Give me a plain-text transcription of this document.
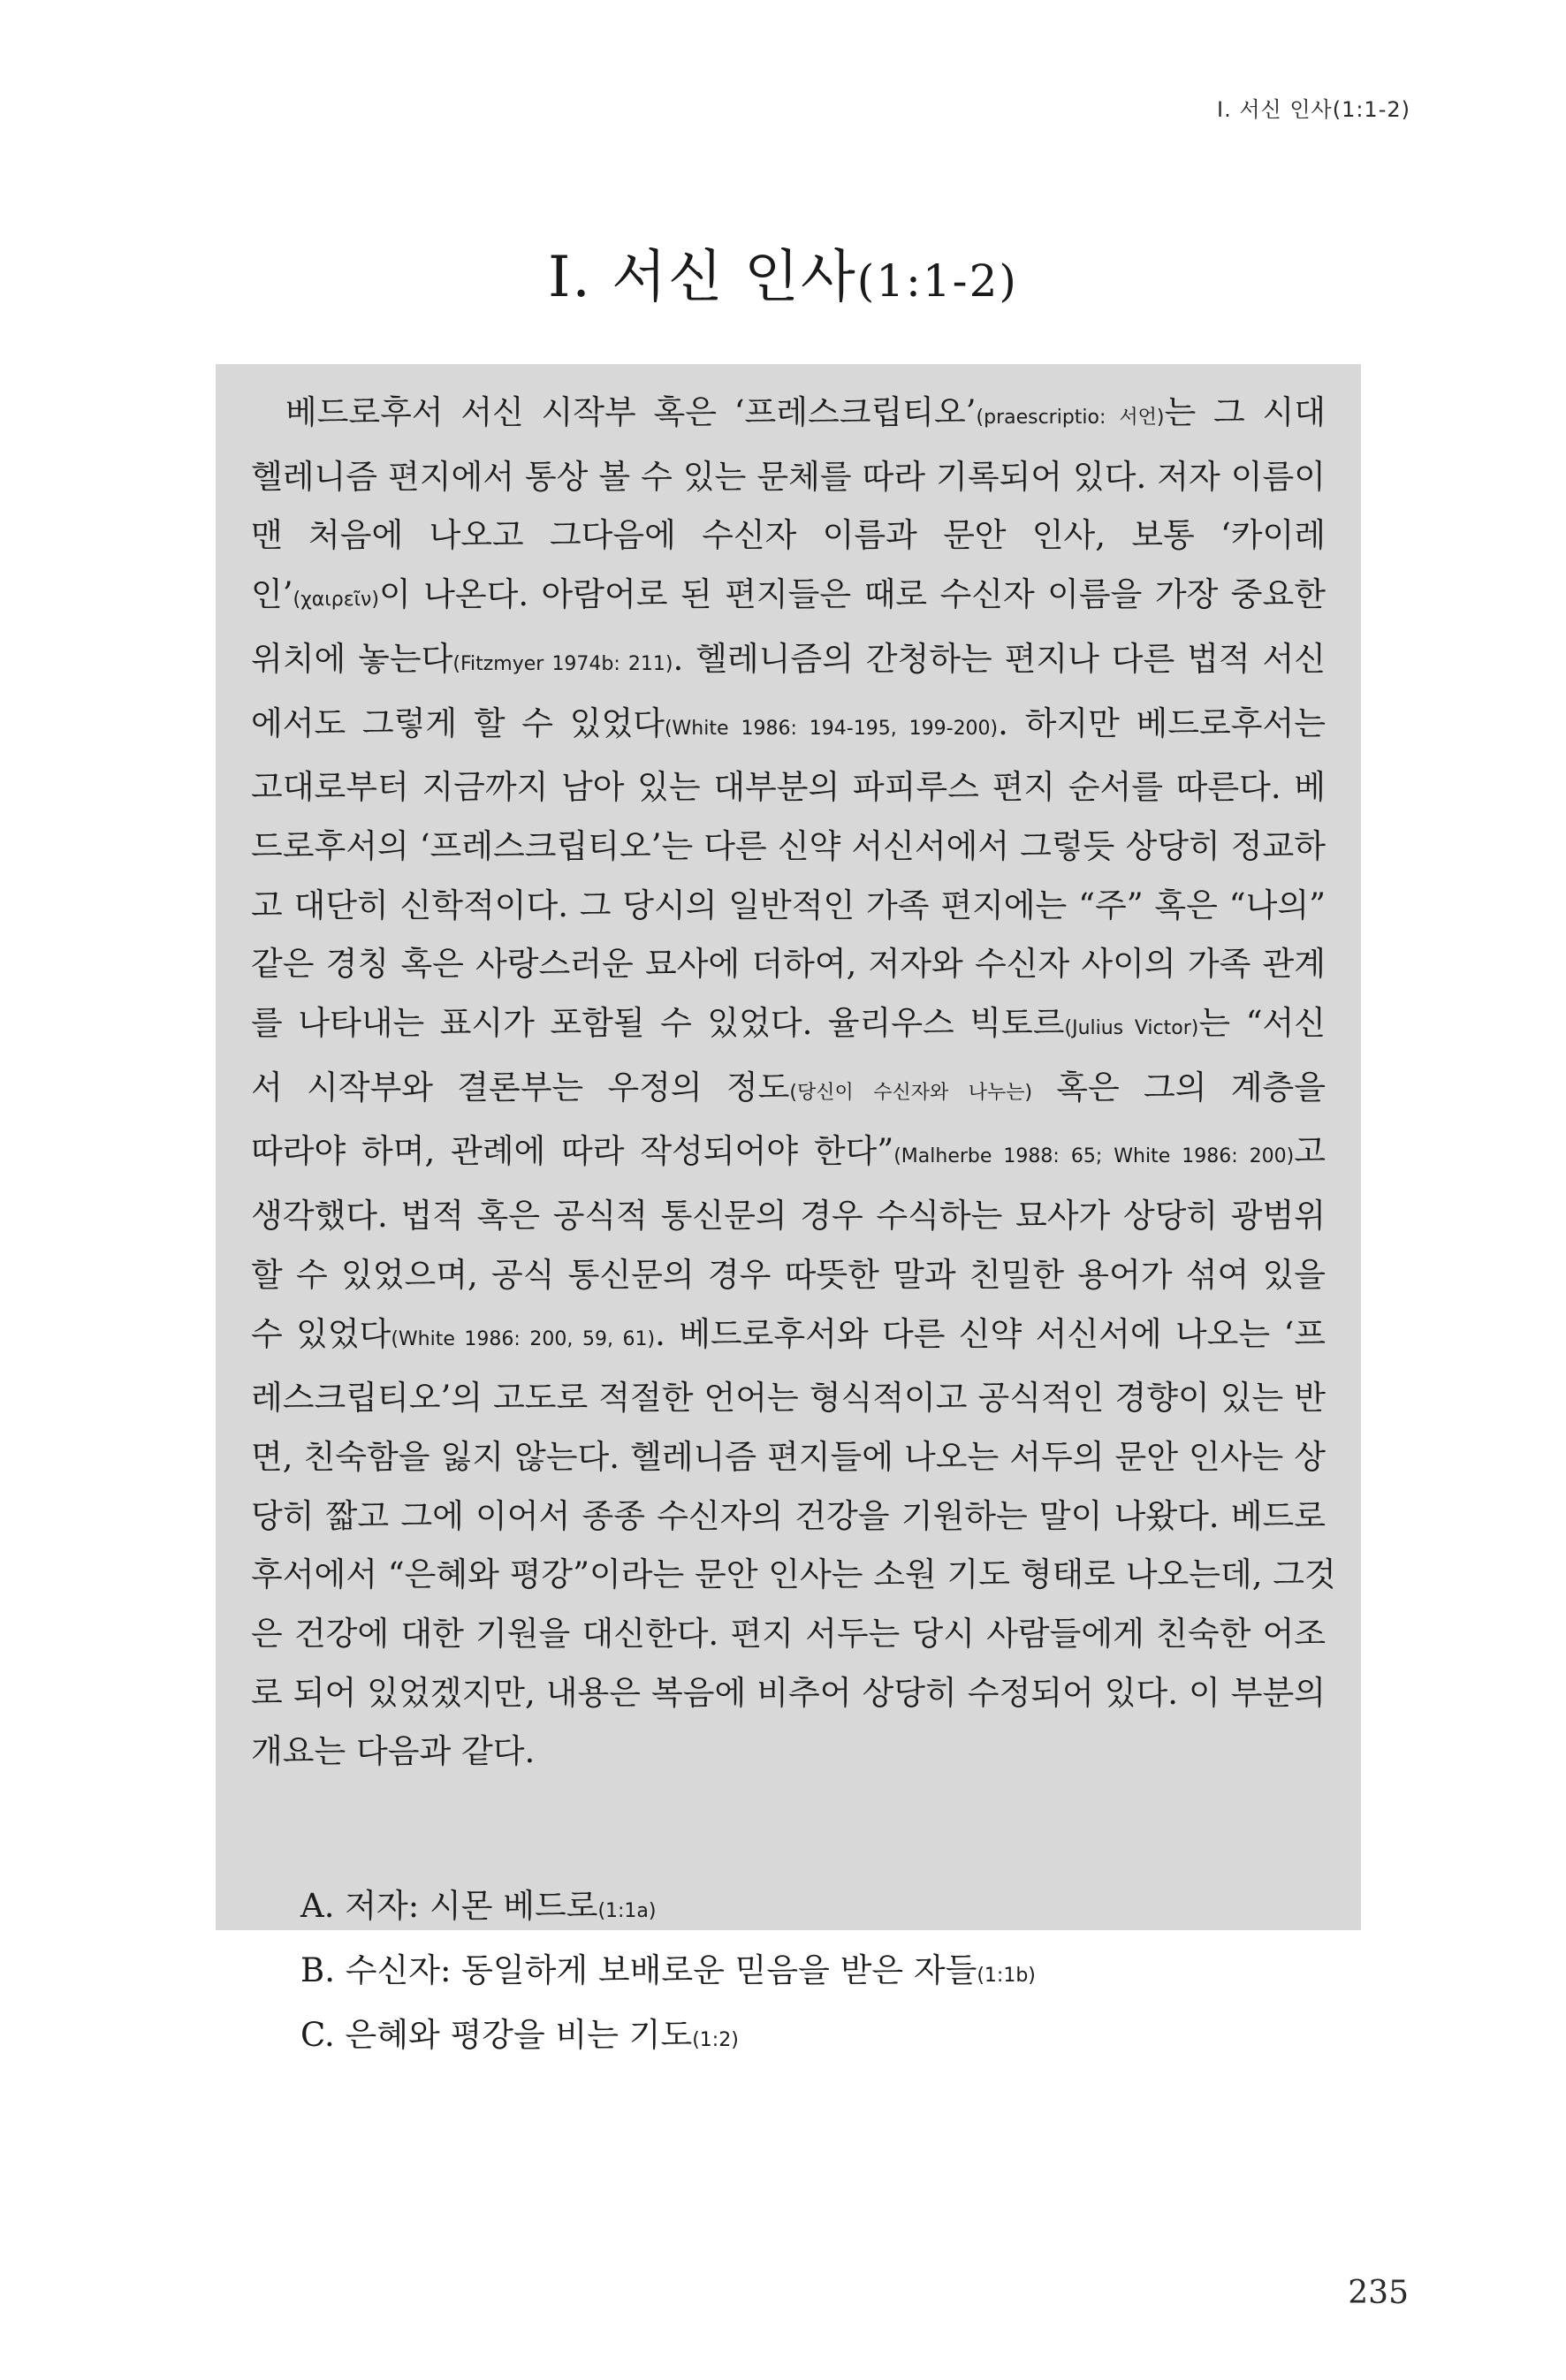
I. 서신 인사(1:1-2)
I. 서신 인사(1:1-2)

베드로후서 서신 시작부 혹은 ‘프레스크립티오’(praescriptio: 서언)는 그 시대
헬레니즘 편지에서 통상 볼 수 있는 문체를 따라 기록되어 있다. 저자 이름이
맨 처음에 나오고 그다음에 수신자 이름과 문안 인사, 보통 ‘카이레
인’(χαιρεῖν)이 나온다. 아람어로 된 편지들은 때로 수신자 이름을 가장 중요한
위치에 놓는다(Fitzmyer 1974b: 211). 헬레니즘의 간청하는 편지나 다른 법적 서신
에서도 그렇게 할 수 있었다(White 1986: 194-195, 199-200). 하지만 베드로후서는
고대로부터 지금까지 남아 있는 대부분의 파피루스 편지 순서를 따른다. 베
드로후서의 ‘프레스크립티오’는 다른 신약 서신서에서 그렇듯 상당히 정교하
고 대단히 신학적이다. 그 당시의 일반적인 가족 편지에는 “주” 혹은 “나의”
같은 경칭 혹은 사랑스러운 묘사에 더하여, 저자와 수신자 사이의 가족 관계
를 나타내는 표시가 포함될 수 있었다. 율리우스 빅토르(Julius Victor)는 “서신
서 시작부와 결론부는 우정의 정도(당신이 수신자와 나누는) 혹은 그의 계층을
따라야 하며, 관례에 따라 작성되어야 한다”(Malherbe 1988: 65; White 1986: 200)고
생각했다. 법적 혹은 공식적 통신문의 경우 수식하는 묘사가 상당히 광범위
할 수 있었으며, 공식 통신문의 경우 따뜻한 말과 친밀한 용어가 섞여 있을
수 있었다(White 1986: 200, 59, 61). 베드로후서와 다른 신약 서신서에 나오는 ‘프
레스크립티오’의 고도로 적절한 언어는 형식적이고 공식적인 경향이 있는 반
면, 친숙함을 잃지 않는다. 헬레니즘 편지들에 나오는 서두의 문안 인사는 상
당히 짧고 그에 이어서 종종 수신자의 건강을 기원하는 말이 나왔다. 베드로
후서에서 “은혜와 평강”이라는 문안 인사는 소원 기도 형태로 나오는데, 그것
은 건강에 대한 기원을 대신한다. 편지 서두는 당시 사람들에게 친숙한 어조
로 되어 있었겠지만, 내용은 복음에 비추어 상당히 수정되어 있다. 이 부분의
개요는 다음과 같다.

A. 저자: 시몬 베드로(1:1a)
B. 수신자: 동일하게 보배로운 믿음을 받은 자들(1:1b)
C. 은혜와 평강을 비는 기도(1:2)
235
